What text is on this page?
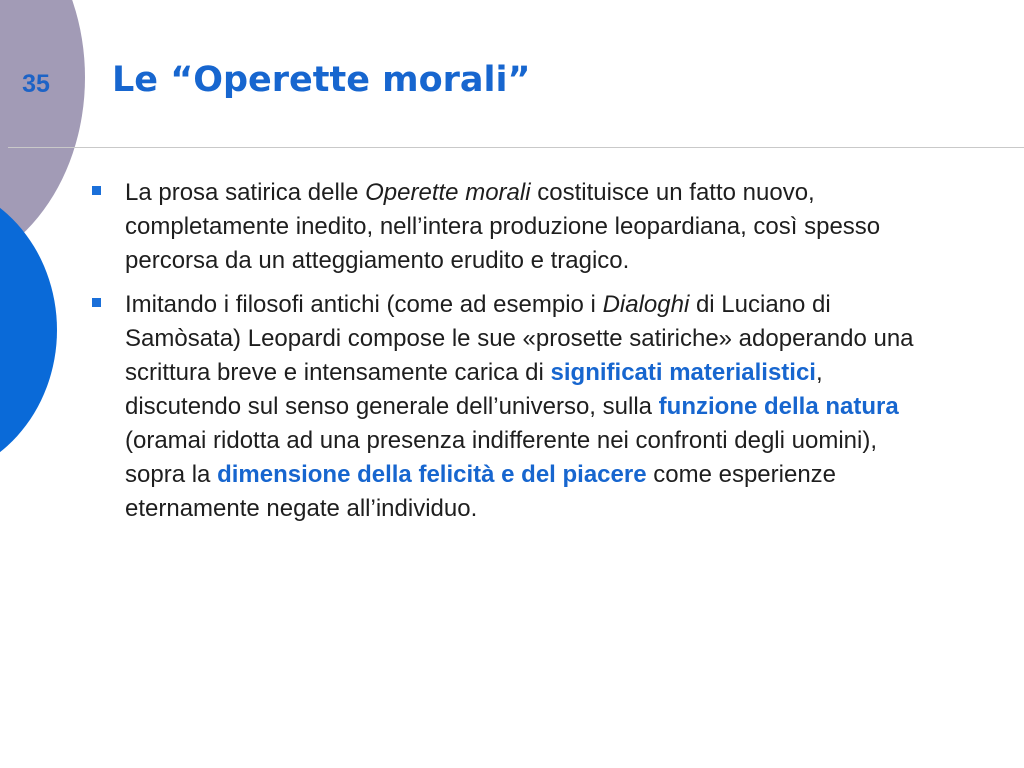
35 Le “Operette morali”
La prosa satirica delle Operette morali costituisce un fatto nuovo, completamente inedito, nell’intera produzione leopardiana, così spesso percorsa da un atteggiamento erudito e tragico.
Imitando i filosofi antichi (come ad esempio i Dialoghi di Luciano di Samòsata) Leopardi compose le sue «prosette satiriche» adoperando una scrittura breve e intensamente carica di significati materialistici, discutendo sul senso generale dell’universo, sulla funzione della natura (oramai ridotta ad una presenza indifferente nei confronti degli uomini), sopra la dimensione della felicità e del piacere come esperienze eternamente negate all’individuo.
